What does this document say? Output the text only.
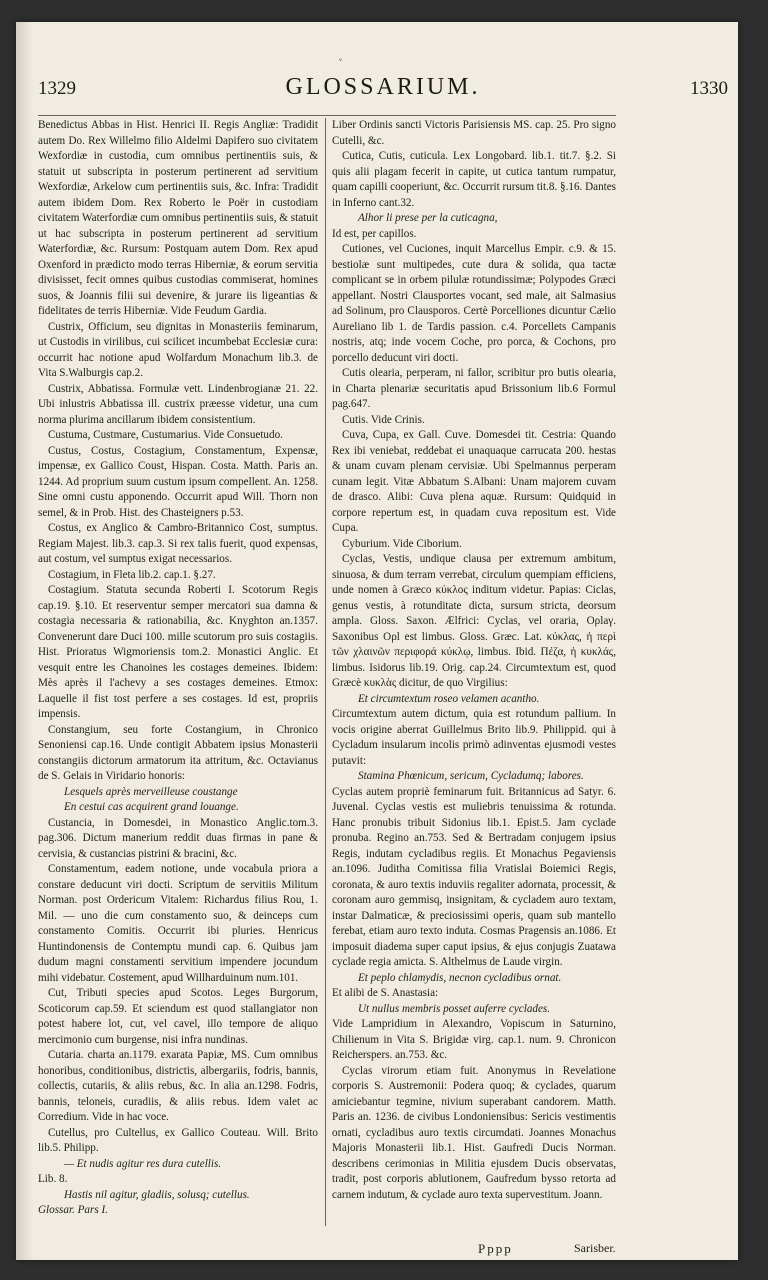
ˬ
1329	GLOSSARIUM.	1330

Benedictus Abbas in Hist. Henrici II. Regis Angliæ: Tradidit autem Do. Rex Willelmo filio Aldelmi Dapifero suo civitatem Wexfordiæ in custodia, cum omnibus pertinentiis suis, & statuit ut subscripta in posterum pertinerent ad servitium Wexfordiæ, Arkelow cum pertinentiis suis, &c. Infra: Tradidit autem ibidem Dom. Rex Roberto le Poër in custodiam civitatem Waterfordiæ cum omnibus pertinentiis suis, & statuit ut hac subscripta in posterum pertinerent ad servitium Waterfordiæ, &c. Rursum: Postquam autem Dom. Rex apud Oxenford in prædicto modo terras Hiberniæ, & eorum servitia divisisset, fecit omnes quibus custodias commiserat, homines suos, & Joannis filii sui devenire, & jurare iis ligeantias & fidelitates de terris Hiberniæ. Vide Feudum Gardia.

Custrix, Officium, seu dignitas in Monasteriis feminarum, ut Custodis in virilibus, cui scilicet incumbebat Ecclesiæ cura: occurrit hac notione apud Wolfardum Monachum lib.3. de Vita S.Walburgis cap.2.

Custrix, Abbatissa. Formulæ vett. Lindenbrogianæ 21. 22. Ubi inlustris Abbatissa ill. custrix præesse videtur, una cum norma plurima ancillarum ibidem consistentium.

Custuma, Custmare, Custumarius. Vide Consuetudo.

Custus, Costus, Costagium, Constamentum, Expensæ, impensæ, ex Gallico Coust, Hispan. Costa. Matth. Paris an. 1244. Ad proprium suum custum ipsum compellent. An. 1258. Sine omni custu apponendo. Occurrit apud Will. Thorn non semel, & in Prob. Hist. des Chasteigners p.53.

Costus, ex Anglico & Cambro-Britannico Cost, sumptus. Regiam Majest. lib.3. cap.3. Si rex talis fuerit, quod expensas, aut costum, vel sumptus exigat necessarios.

Costagium, in Fleta lib.2. cap.1. §.27.

Costagium. Statuta secunda Roberti I. Scotorum Regis cap.19. §.10. Et reserventur semper mercatori sua damna & costagia necessaria & rationabilia, &c. Knyghton an.1357. Convenerunt dare Duci 100. mille scutorum pro suis costagiis. Hist. Prioratus Wigmoriensis tom.2. Monastici Anglic. Et vesquit entre les Chanoines les costages demeines. Ibidem: Mès après il l'achevy a ses costages demeines. Etmox: Laquelle il fist tost perfere a ses costages. Id est, propriis impensis.

Constangium, seu forte Costangium, in Chronico Senoniensi cap.16. Unde contigit Abbatem ipsius Monasterii constangiis dictorum armatorum ita attritum, &c. Octavianus de S. Gelais in Viridario honoris:

Lesquels après merveilleuse coustange

En cestui cas acquirent grand louange.

Custancia, in Domesdei, in Monastico Anglic.tom.3. pag.306. Dictum manerium reddit duas firmas in pane & cervisia, & custancias pistrini & bracini, &c.

Constamentum, eadem notione, unde vocabula priora a constare deducunt viri docti. Scriptum de servitiis Militum Norman. post Ordericum Vitalem: Richardus filius Rou, 1. Mil. — uno die cum constamento suo, & deinceps cum constamento Comitis. Occurrit ibi pluries. Henricus Huntindonensis de Contemptu mundi cap. 6. Quibus jam dudum magni constamenti servitium impendere jocundum mihi videbatur. Costement, apud Willharduinum num.101.

Cut, Tributi species apud Scotos. Leges Burgorum, Scoticorum cap.59. Et sciendum est quod stallangiator non potest habere lot, cut, vel cavel, illo tempore de aliquo mercimonio cum burgense, nisi infra nundinas.

Cutaria. charta an.1179. exarata Papiæ, MS. Cum omnibus honoribus, conditionibus, districtis, albergariis, fodris, bannis, collectis, cutariis, & aliis rebus, &c. In alia an.1298. Fodris, bannis, teloneis, curadiis, & aliis rebus. Idem valet ac Corredium. Vide in hac voce.

Cutellus, pro Cultellus, ex Gallico Couteau. Will. Brito lib.5. Philipp.

— Et nudis agitur res dura cutellis.

Lib. 8.

Hastis nil agitur, gladiis, solusq; cutellus.

Glossar. Pars I.

Liber Ordinis sancti Victoris Parisiensis MS. cap. 25. Pro signo Cutelli, &c.

Cutica, Cutis, cuticula. Lex Longobard. lib.1. tit.7. §.2. Si quis alii plagam fecerit in capite, ut cutica tantum rumpatur, quam capilli cooperiunt, &c. Occurrit rursum tit.8. §.16. Dantes in Inferno cant.32.

Alhor li prese per la cuticagna,

Id est, per capillos.

Cutiones, vel Cuciones, inquit Marcellus Empir. c.9. & 15. bestiolæ sunt multipedes, cute dura & solida, qua tactæ complicant se in orbem pilulæ rotundissimæ; Polypodes Græci appellant. Nostri Clausportes vocant, sed male, ait Salmasius ad Solinum, pro Clausporos. Certè Porcelliones dicuntur Cælio Aureliano lib 1. de Tardis passion. c.4. Porcellets Campanis nostris, atq; inde vocem Coche, pro porca, & Cochons, pro porcello deducunt viri docti.

Cutis olearia, perperam, ni fallor, scribitur pro butis olearia, in Charta plenariæ securitatis apud Brissonium lib.6 Formul pag.647.

Cutis. Vide Crinis.

Cuva, Cupa, ex Gall. Cuve. Domesdei tit. Cestria: Quando Rex ibi veniebat, reddebat ei unaquaque carrucata 200. hestas & unam cuvam plenam cervisiæ. Ubi Spelmannus perperam cunam legit. Vitæ Abbatum S.Albani: Unam majorem cuvam de drasco. Alibi: Cuva plena aquæ. Rursum: Quidquid in corpore repertum est, in quadam cuva repositum est. Vide Cupa.

Cyburium. Vide Ciborium.

Cyclas, Vestis, undique clausa per extremum ambitum, sinuosa, & dum terram verrebat, circulum quempiam efficiens, unde nomen à Græco κύκλος inditum videtur. Papias: Ciclas, genus vestis, à rotunditate dicta, sursum stricta, deorsum ampla. Gloss. Saxon. Ælfrici: Cyclas, vel oraria, Oρlaγ. Saxonibus Oρl est limbus. Gloss. Græc. Lat. κύκλας, ἡ περὶ τῶν χλαινῶν περιφορά κύκλῳ, limbus. Ibid. Πέζα, ἡ κυκλάς, limbus. Isidorus lib.19. Orig. cap.24. Circumtextum est, quod Græcè κυκλὰς dicitur, de quo Virgilius:

Et circumtextum roseo velamen acantho.

Circumtextum autem dictum, quia est rotundum pallium. In vocis origine aberrat Guillelmus Brito lib.9. Philippid. qui à Cycladum insularum incolis primò adinventas ejusmodi vestes putavit:

Stamina Phœnicum, sericum, Cycladumq; labores.

Cyclas autem propriè feminarum fuit. Britannicus ad Satyr. 6. Juvenal. Cyclas vestis est muliebris tenuissima & rotunda. Hanc pronubis tribuit Sidonius lib.1. Epist.5. Jam cyclade pronuba. Regino an.753. Sed & Bertradam conjugem ipsius Regis, indutam cycladibus regiis. Et Monachus Pegaviensis an.1096. Juditha Comitissa filia Vratislai Boiemici Regis, coronata, & auro textis induviis regaliter adornata, processit, & coronam auro gemmisq, insignitam, & cycladem auro textam, instar Dalmaticæ, & preciosissimi operis, quam sub mantello ferebat, etiam auro texto induta. Cosmas Pragensis an.1086. Et imposuit diadema super caput ipsius, & ejus conjugis Zuatawa cyclade regia amicta. S. Althelmus de Laude virgin.

Et peplo chlamydis, necnon cycladibus ornat.

Et alibi de S. Anastasia:

Ut nullus membris posset auferre cyclades.

Vide Lampridium in Alexandro, Vopiscum in Saturnino, Chilienum in Vita S. Brigidæ virg. cap.1. num. 9. Chronicon Reicherspers. an.753. &c.

Cyclas virorum etiam fuit. Anonymus in Revelatione corporis S. Austremonii: Podera quoq; & cyclades, quarum amiciebantur tegmine, nivium superabant candorem. Matth. Paris an. 1236. de civibus Londoniensibus: Sericis vestimentis ornati, cycladibus auro textis circumdati. Joannes Monachus Majoris Monasterii lib.1. Hist. Gaufredi Ducis Norman. describens cerimonias in Militia ejusdem Ducis observatas, tradit, post corporis ablutionem, Gaufredum bysso retorta ad carnem indutum, & cyclade auro texta supervestitum. Joann.

Pppp	Sarisber.
